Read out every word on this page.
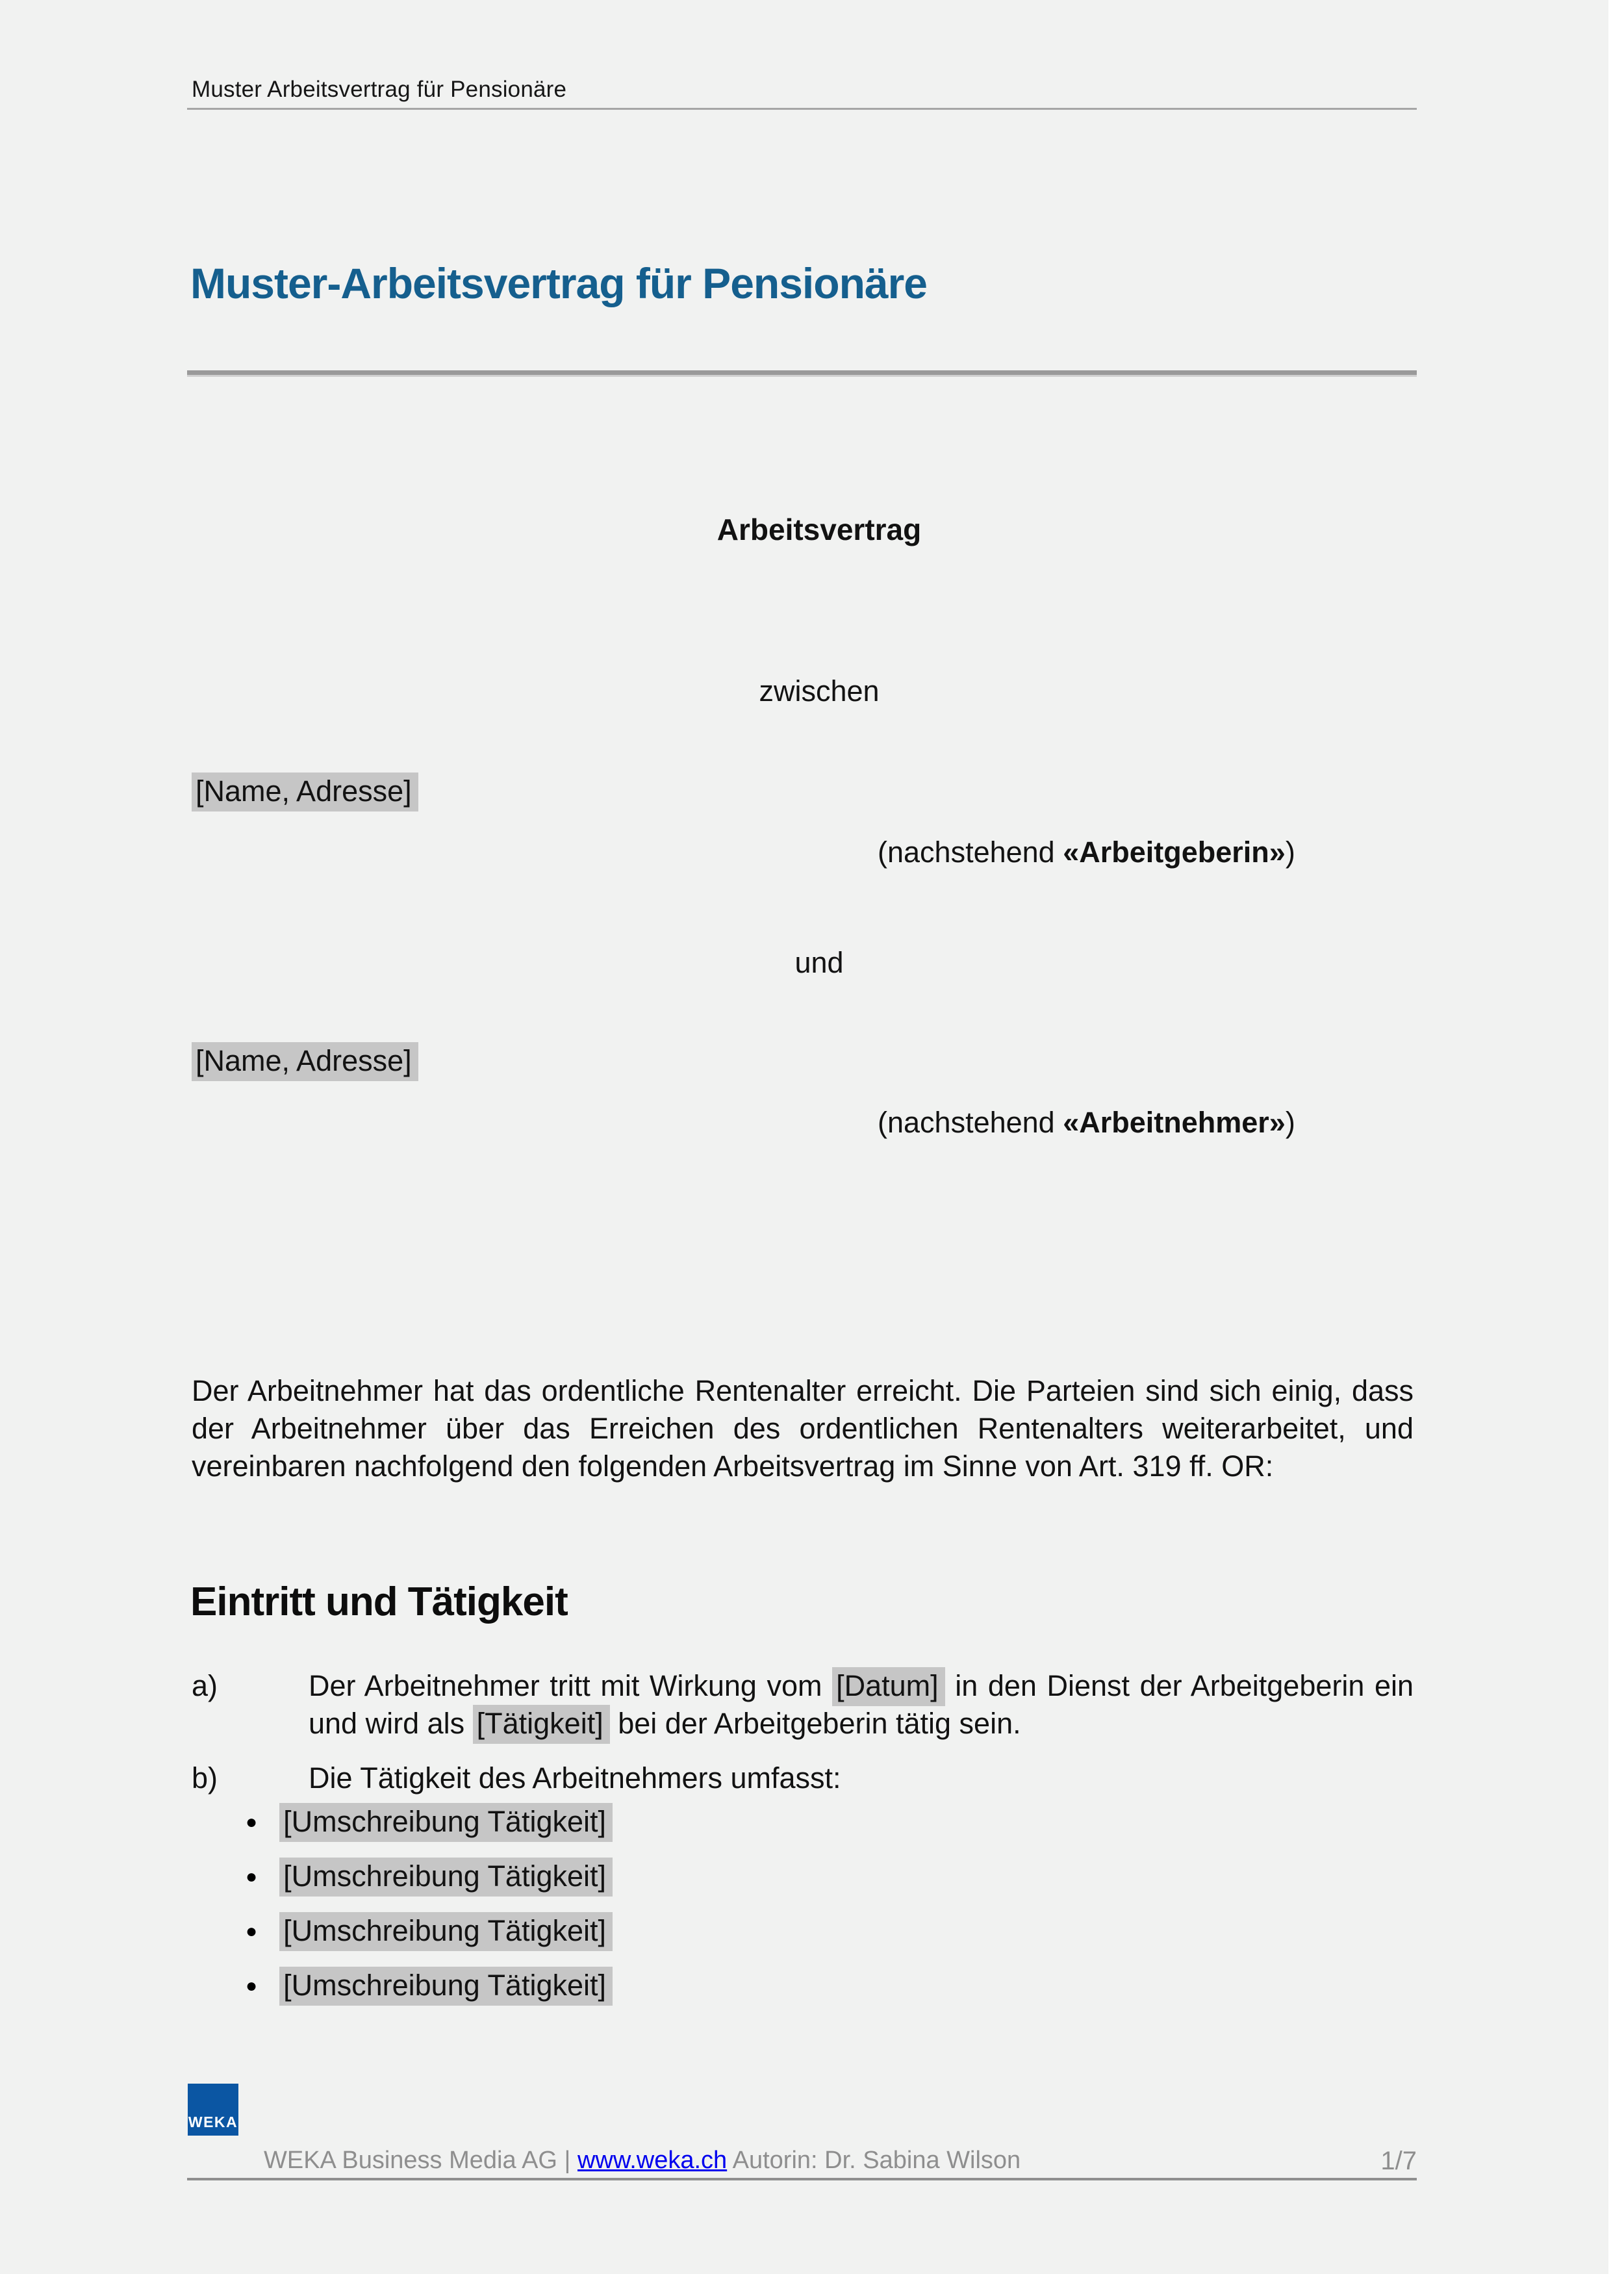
Muster Arbeitsvertrag für Pensionäre
Muster-Arbeitsvertrag für Pensionäre
Arbeitsvertrag
zwischen
[Name, Adresse]
(nachstehend «Arbeitgeberin»)
und
[Name, Adresse]
(nachstehend «Arbeitnehmer»)

Der Arbeitnehmer hat das ordentliche Rentenalter erreicht. Die Parteien sind sich einig, dass der Arbeitnehmer über das Erreichen des ordentlichen Rentenalters weiterarbeitet, und vereinbaren nachfolgend den folgenden Arbeitsvertrag im Sinne von Art. 319 ff. OR:

Eintritt und Tätigkeit
a)	Der Arbeitnehmer tritt mit Wirkung vom [Datum] in den Dienst der Arbeitgeberin ein und wird als [Tätigkeit] bei der Arbeitgeberin tätig sein.
b)	Die Tätigkeit des Arbeitnehmers umfasst:
● [Umschreibung Tätigkeit]
● [Umschreibung Tätigkeit]
● [Umschreibung Tätigkeit]
● [Umschreibung Tätigkeit]
WEKA
WEKA Business Media AG | www.weka.ch Autorin: Dr. Sabina Wilson	1/7
